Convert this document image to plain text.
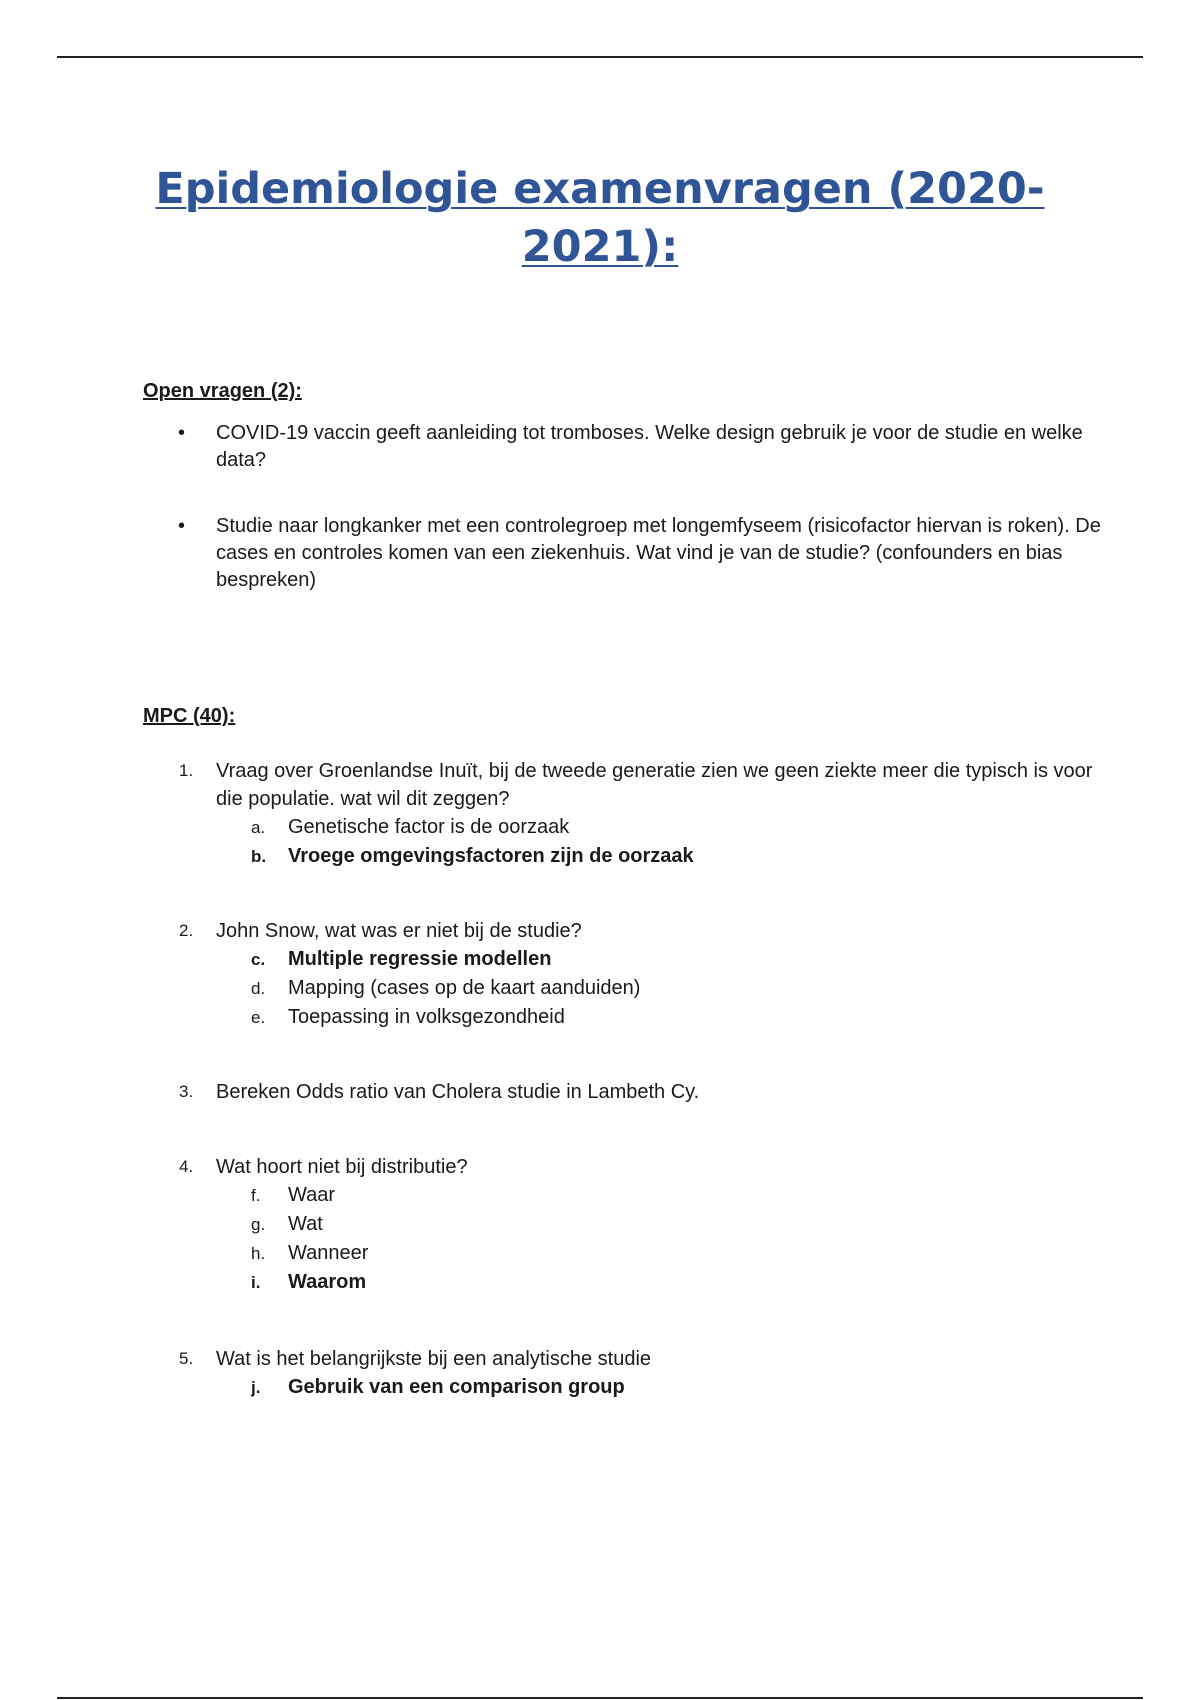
Epidemiologie examenvragen (2020-2021):
Open vragen (2):
• COVID-19 vaccin geeft aanleiding tot tromboses. Welke design gebruik je voor de studie en welke data?
• Studie naar longkanker met een controlegroep met longemfyseem (risicofactor hiervan is roken). De cases en controles komen van een ziekenhuis. Wat vind je van de studie? (confounders en bias bespreken)
MPC (40):
1. Vraag over Groenlandse Inuït, bij de tweede generatie zien we geen ziekte meer die typisch is voor die populatie. wat wil dit zeggen?
a. Genetische factor is de oorzaak
b. Vroege omgevingsfactoren zijn de oorzaak
2. John Snow, wat was er niet bij de studie?
c. Multiple regressie modellen
d. Mapping (cases op de kaart aanduiden)
e. Toepassing in volksgezondheid
3. Bereken Odds ratio van Cholera studie in Lambeth Cy.
4. Wat hoort niet bij distributie?
f. Waar
g. Wat
h. Wanneer
i. Waarom
5. Wat is het belangrijkste bij een analytische studie
j. Gebruik van een comparison group
